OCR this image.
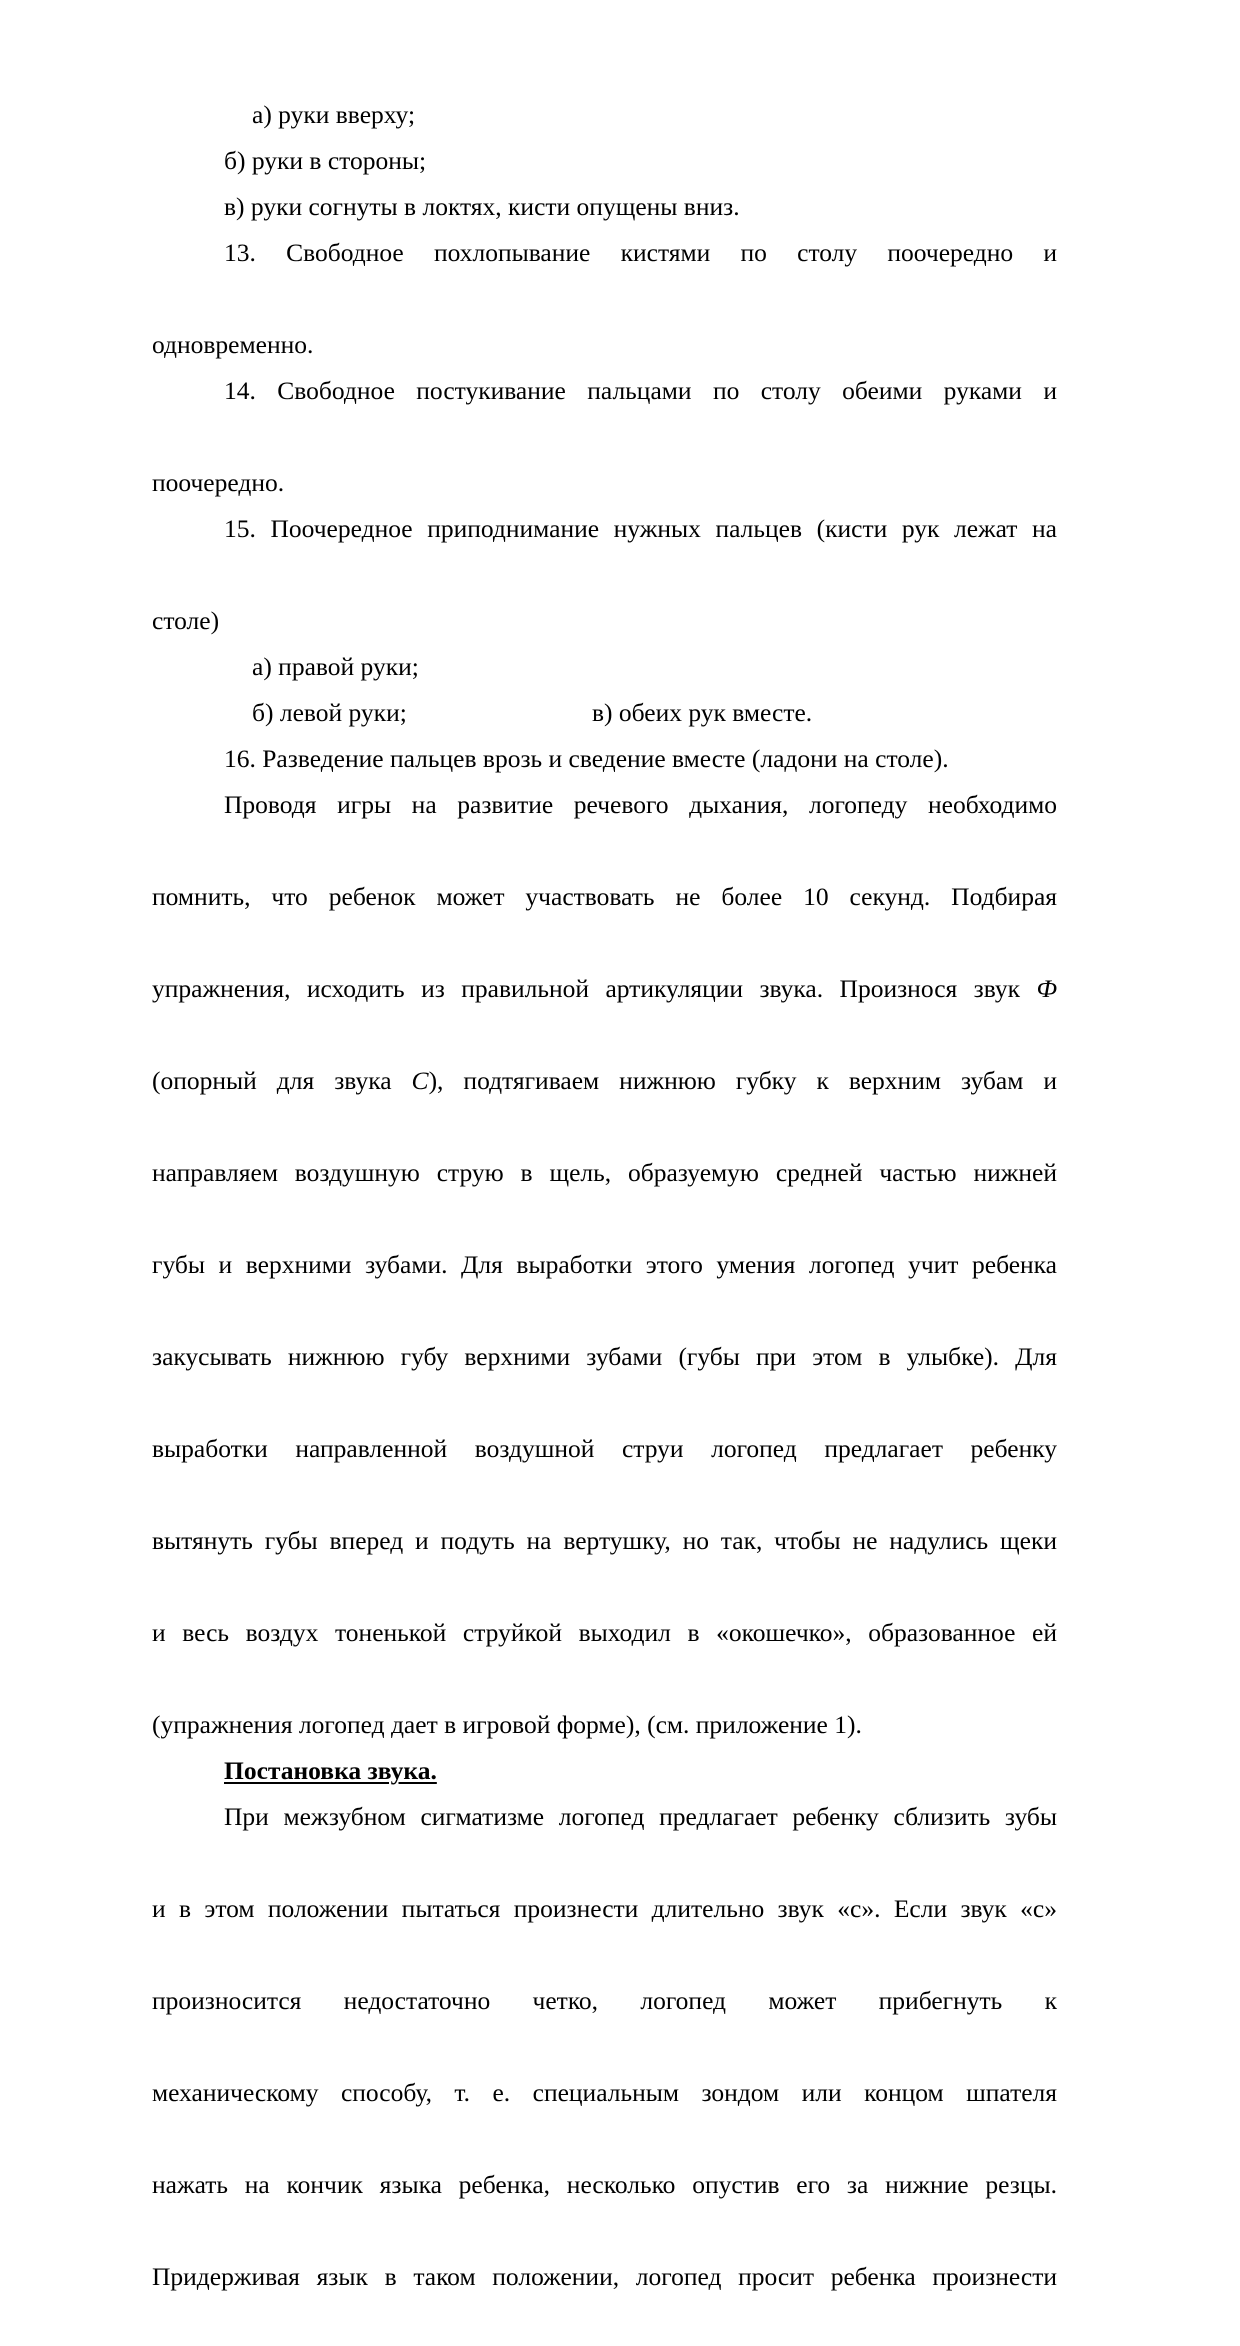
а) руки вверху;

б) руки в стороны;

в) руки согнуты в локтях, кисти опущены вниз.

13. Свободное похлопывание кистями по столу поочередно и

одновременно.

14. Свободное постукивание пальцами по столу обеими руками и

поочередно.

15. Поочередное приподнимание нужных пальцев (кисти рук лежат на

столе)

а) правой руки;

б) левой руки;	в) обеих рук вместе.

16. Разведение пальцев врозь и сведение вместе (ладони на столе).

Проводя игры на развитие речевого дыхания, логопеду необходимо

помнить, что ребенок может участвовать не более 10 секунд. Подбирая

упражнения, исходить из правильной артикуляции звука. Произнося звук Ф

(опорный для звука С), подтягиваем нижнюю губку к верхним зубам и

направляем воздушную струю в щель, образуемую средней частью нижней

губы и верхними зубами. Для выработки этого умения логопед учит ребенка

закусывать нижнюю губу верхними зубами (губы при этом в улыбке). Для

выработки направленной воздушной струи логопед предлагает ребенку

вытянуть губы вперед и подуть на вертушку, но так, чтобы не надулись щеки

и весь воздух тоненькой струйкой выходил в «окошечко», образованное ей

(упражнения логопед дает в игровой форме), (см. приложение 1).

Постановка звука.

При межзубном сигматизме логопед предлагает ребенку сблизить зубы

и в этом положении пытаться произнести длительно звук «с». Если звук «с»

произносится недостаточно четко, логопед может прибегнуть к

механическому способу, т. е. специальным зондом или концом шпателя

нажать на кончик языка ребенка, несколько опустив его за нижние резцы.

Придерживая язык в таком положении, логопед просит ребенка произнести
